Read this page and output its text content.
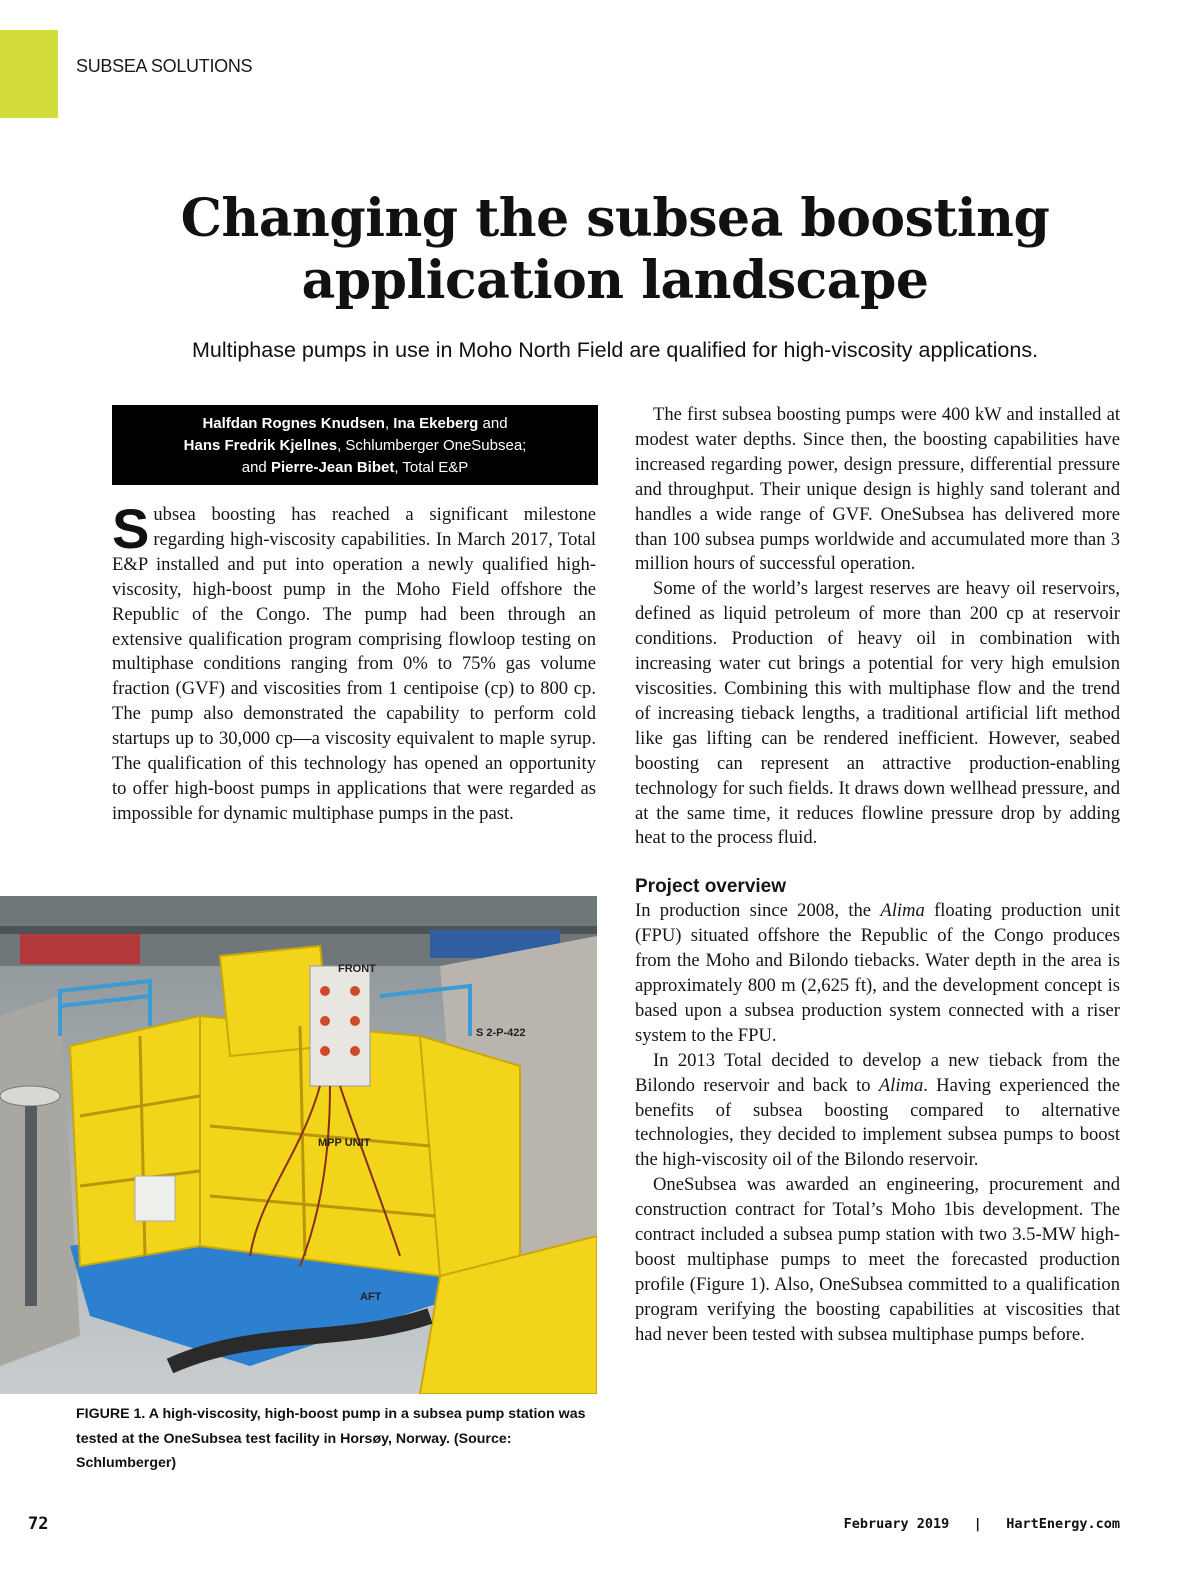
SUBSEA SOLUTIONS
Changing the subsea boosting
application landscape

Multiphase pumps in use in Moho North Field are qualified for high-viscosity applications.

Halfdan Rognes Knudsen, Ina Ekeberg and
Hans Fredrik Kjellnes, Schlumberger OneSubsea;
and Pierre-Jean Bibet, Total E&P

Subsea boosting has reached a significant milestone regarding high-viscosity capabilities. In March 2017, Total E&P installed and put into operation a newly qualified high-viscosity, high-boost pump in the Moho Field offshore the Republic of the Congo. The pump had been through an extensive qualification program comprising flowloop testing on multiphase conditions ranging from 0% to 75% gas volume fraction (GVF) and viscosities from 1 centipoise (cp) to 800 cp. The pump also demonstrated the capability to perform cold startups up to 30,000 cp—a viscosity equivalent to maple syrup. The qualification of this technology has opened an opportunity to offer high-boost pumps in applications that were regarded as impossible for dynamic multiphase pumps in the past.

FRONT
S 2-P-422
MPP UNIT
AFT
FIGURE 1. A high-viscosity, high-boost pump in a subsea pump station was tested at the OneSubsea test facility in Horsøy, Norway. (Source: Schlumberger)

The first subsea boosting pumps were 400 kW and installed at modest water depths. Since then, the boosting capabilities have increased regarding power, design pressure, differential pressure and throughput. Their unique design is highly sand tolerant and handles a wide range of GVF. OneSubsea has delivered more than 100 subsea pumps worldwide and accumulated more than 3 million hours of successful operation.

Some of the world’s largest reserves are heavy oil reservoirs, defined as liquid petroleum of more than 200 cp at reservoir conditions. Production of heavy oil in combination with increasing water cut brings a potential for very high emulsion viscosities. Combining this with multiphase flow and the trend of increasing tieback lengths, a traditional artificial lift method like gas lifting can be rendered inefficient. However, seabed boosting can represent an attractive production-enabling technology for such fields. It draws down wellhead pressure, and at the same time, it reduces flowline pressure drop by adding heat to the process fluid.

Project overview

In production since 2008, the Alima floating production unit (FPU) situated offshore the Republic of the Congo produces from the Moho and Bilondo tiebacks. Water depth in the area is approximately 800 m (2,625 ft), and the development concept is based upon a subsea production system connected with a riser system to the FPU.

In 2013 Total decided to develop a new tieback from the Bilondo reservoir and back to Alima. Having experienced the benefits of subsea boosting compared to alternative technologies, they decided to implement subsea pumps to boost the high-viscosity oil of the Bilondo reservoir.

OneSubsea was awarded an engineering, procurement and construction contract for Total’s Moho 1bis development. The contract included a subsea pump station with two 3.5-MW high-boost multiphase pumps to meet the forecasted production profile (Figure 1). Also, OneSubsea committed to a qualification program verifying the boosting capabilities at viscosities that had never been tested with subsea multiphase pumps before.

72	February 2019 | HartEnergy.com
